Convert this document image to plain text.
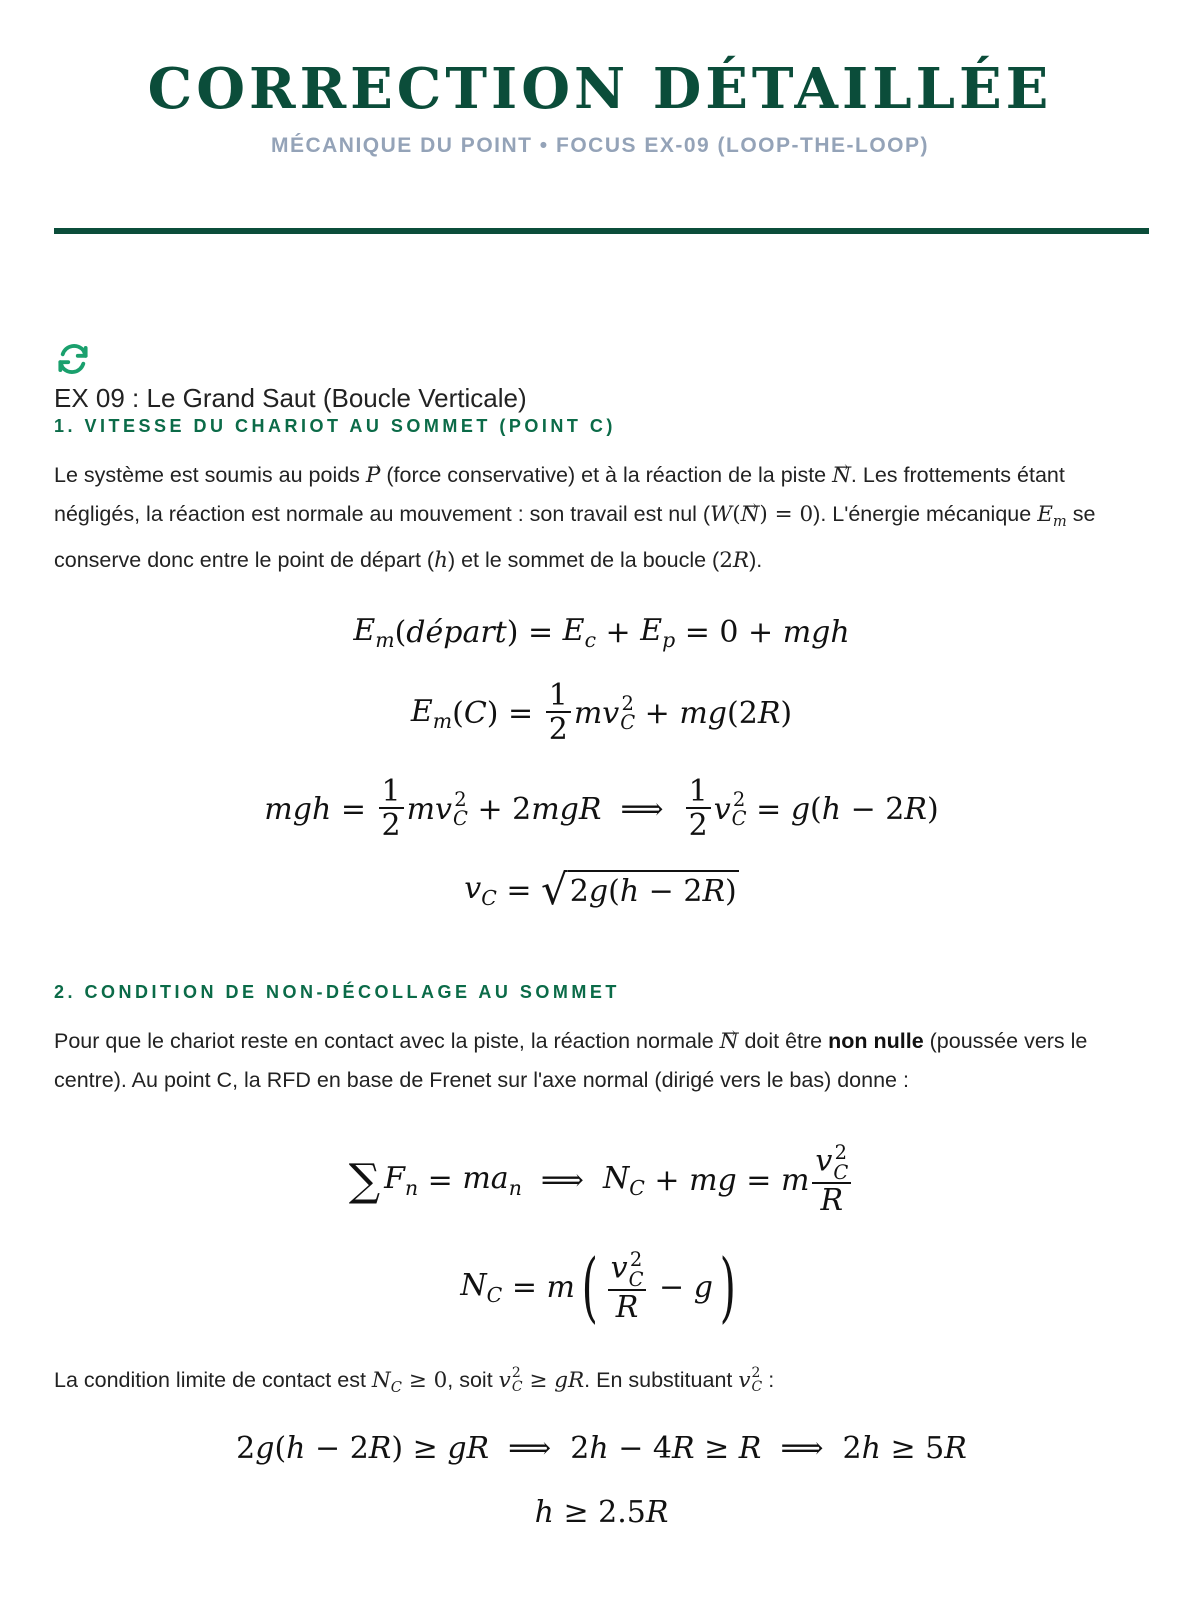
CORRECTION DÉTAILLÉE
MÉCANIQUE DU POINT • FOCUS EX-09 (LOOP-THE-LOOP)
EX 09 : Le Grand Saut (Boucle Verticale)
1. VITESSE DU CHARIOT AU SOMMET (POINT C)

Le système est soumis au poids → P (force conservative) et à la réaction de la piste → N. Les frottements étant négligés, la réaction est normale au mouvement : son travail est nul (W(→ N) = 0). L'énergie mécanique $E_m$ se conserve donc entre le point de départ (h) et le sommet de la boucle (2R).

$E_m$ ( départ ) = $E_c + E_p = 0$ + mgh
$E_m$ ( C ) = $\frac{1}{2}$ mv 2
C + mg (2 R )
mgh = $\frac{1}{2}$ mv 2
C + 2 mgR ⟹ $\frac{1}{2}$ v 2
C = g ( h − 2 R )
$v_C$ = √ 2g(h − 2R)
2. CONDITION DE NON-DÉCOLLAGE AU SOMMET

Pour que le chariot reste en contact avec la piste, la réaction normale → N doit être non nulle (poussée vers le centre). Au point C, la RFD en base de Frenet sur l'axe normal (dirigé vers le bas) donne :

∑ $F_n = ma_n$ ⟹ $N_C$ + mg = m v 2
C
R
$N_C = m$ ( v 2
C
R − g )

La condition limite de contact est $N_C \ge 0$, soit v 2
C ≥ gR. En substituant v 2
C :

2 g ( h − 2 R ) ≥ gR ⟹  2 h − 4 R ≥ R ⟹  2 h ≥ 5 R
h ≥ 2.5 R
